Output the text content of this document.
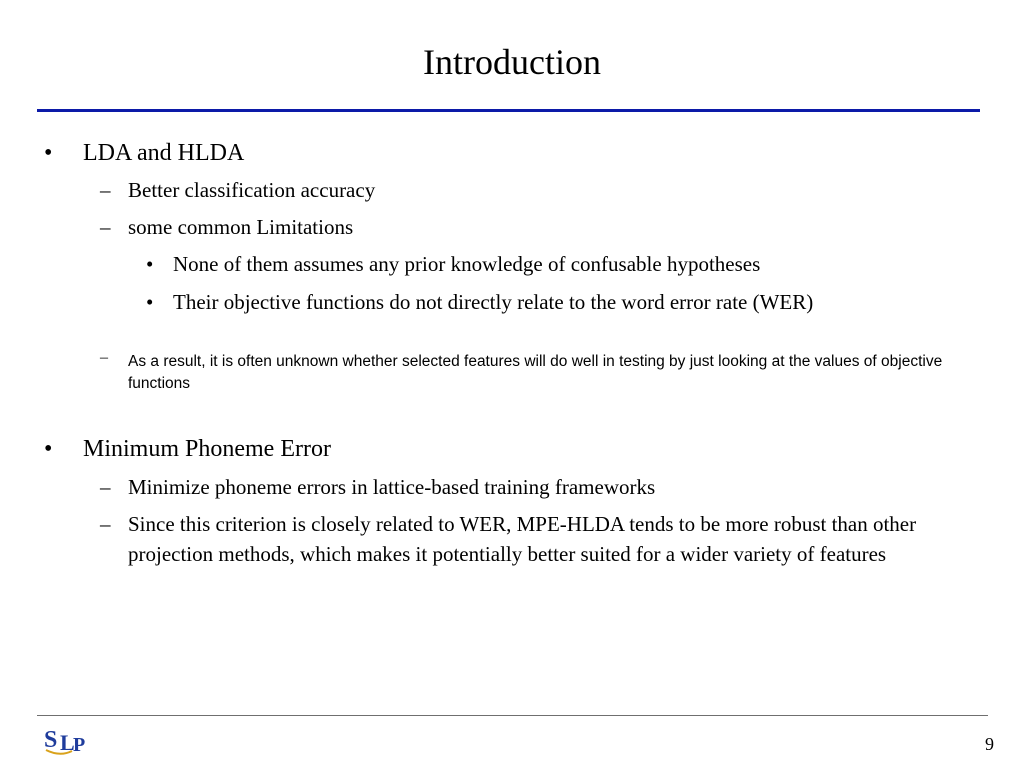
Introduction
• LDA and HLDA
– Better classification accuracy
– some common Limitations
• None of them assumes any prior knowledge of confusable hypotheses
• Their objective functions do not directly relate to the word error rate (WER)
– As a result, it is often unknown whether selected features will do well in testing by just looking at the values of objective functions
• Minimum Phoneme Error
– Minimize phoneme errors in lattice-based training frameworks
– Since this criterion is closely related to WER, MPE-HLDA tends to be more robust than other projection methods, which makes it potentially better suited for a wider variety of features
S L
P	9
